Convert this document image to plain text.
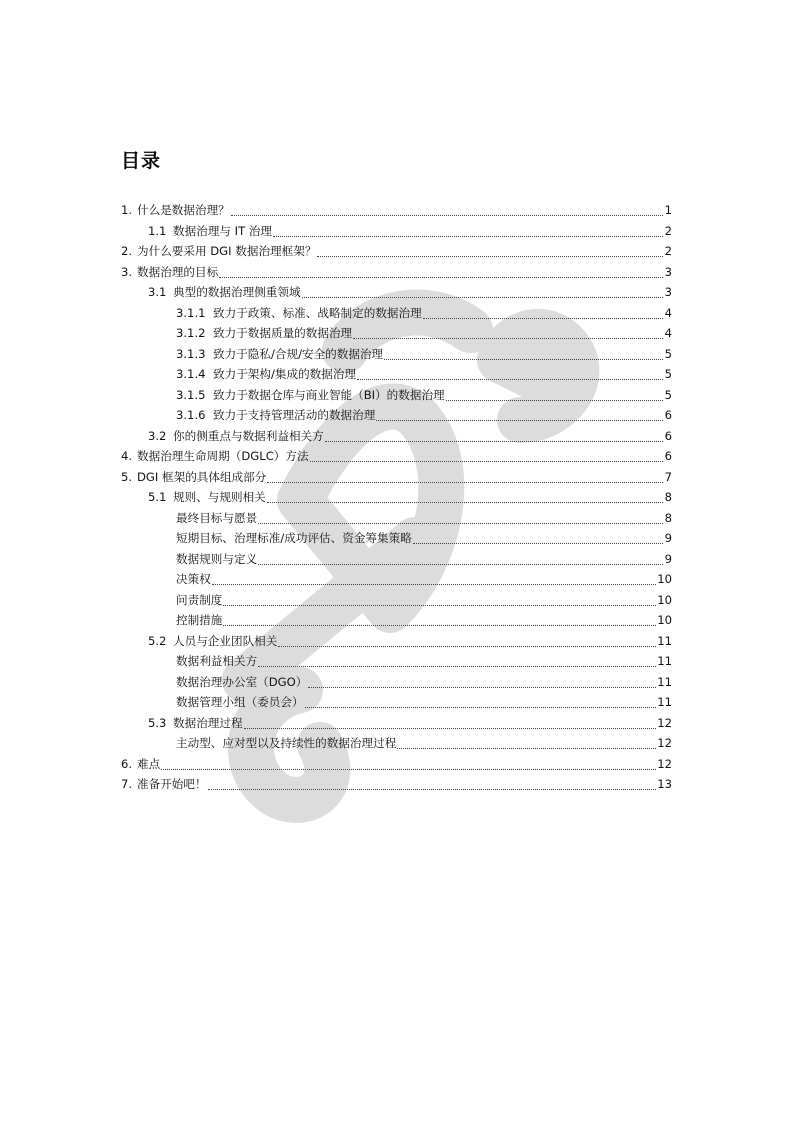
目录
1. 什么是数据治理？	1
1.1 数据治理与 IT 治理	2
2. 为什么要采用 DGI 数据治理框架？	2
3. 数据治理的目标	3
3.1 典型的数据治理侧重领域	3
3.1.1 致力于政策、标准、战略制定的数据治理	4
3.1.2 致力于数据质量的数据治理	4
3.1.3 致力于隐私/合规/安全的数据治理	5
3.1.4 致力于架构/集成的数据治理	5
3.1.5 致力于数据仓库与商业智能（BI）的数据治理	5
3.1.6 致力于支持管理活动的数据治理	6
3.2 你的侧重点与数据利益相关方	6
4. 数据治理生命周期（DGLC）方法	6
5. DGI 框架的具体组成部分	7
5.1 规则、与规则相关	8
最终目标与愿景	8
短期目标、治理标准/成功评估、资金筹集策略	9
数据规则与定义	9
决策权	10
问责制度	10
控制措施	10
5.2 人员与企业团队相关	11
数据利益相关方	11
数据治理办公室（DGO）	11
数据管理小组（委员会）	11
5.3 数据治理过程	12
主动型、应对型以及持续性的数据治理过程	12
6. 难点	12
7. 准备开始吧！	13
